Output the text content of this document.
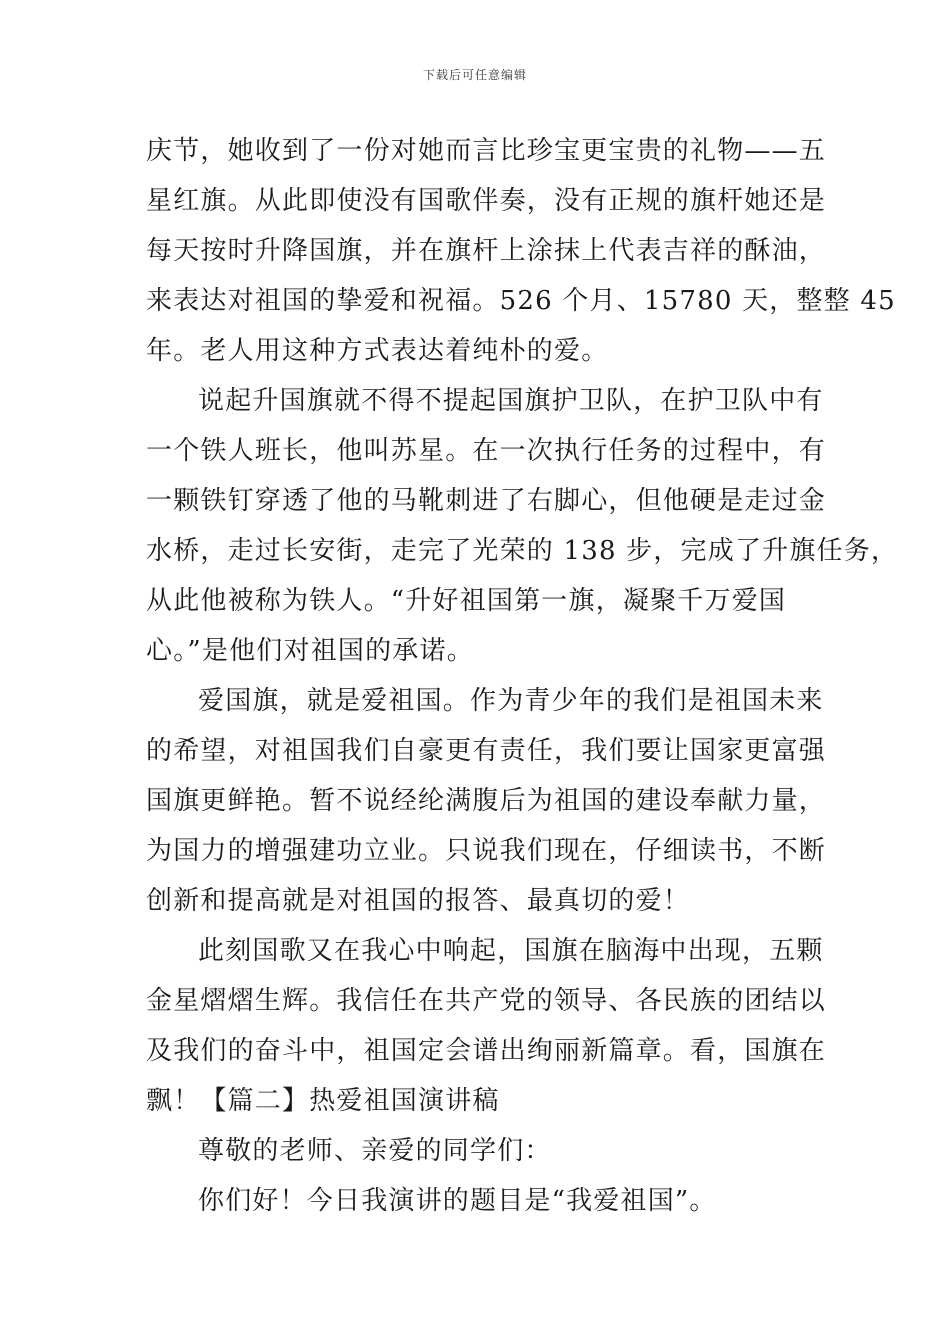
下载后可任意编辑
庆节，她收到了一份对她而言比珍宝更宝贵的礼物——五
星红旗。从此即使没有国歌伴奏，没有正规的旗杆她还是
每天按时升降国旗，并在旗杆上涂抹上代表吉祥的酥油，
来表达对祖国的挚爱和祝福。526 个月、15780 天，整整 45
年。老人用这种方式表达着纯朴的爱。
说起升国旗就不得不提起国旗护卫队，在护卫队中有
一个铁人班长，他叫苏星。在一次执行任务的过程中，有
一颗铁钉穿透了他的马靴刺进了右脚心，但他硬是走过金
水桥，走过长安街，走完了光荣的 138 步，完成了升旗任务，
从此他被称为铁人。“升好祖国第一旗，凝聚千万爱国
心。”是他们对祖国的承诺。
爱国旗，就是爱祖国。作为青少年的我们是祖国未来
的希望，对祖国我们自豪更有责任，我们要让国家更富强
国旗更鲜艳。暂不说经纶满腹后为祖国的建设奉献力量，
为国力的增强建功立业。只说我们现在，仔细读书，不断
创新和提高就是对祖国的报答、最真切的爱！
此刻国歌又在我心中响起，国旗在脑海中出现，五颗
金星熠熠生辉。我信任在共产党的领导、各民族的团结以
及我们的奋斗中，祖国定会谱出绚丽新篇章。看，国旗在
飘！【篇二】热爱祖国演讲稿
尊敬的老师、亲爱的同学们：
你们好！今日我演讲的题目是“我爱祖国”。
